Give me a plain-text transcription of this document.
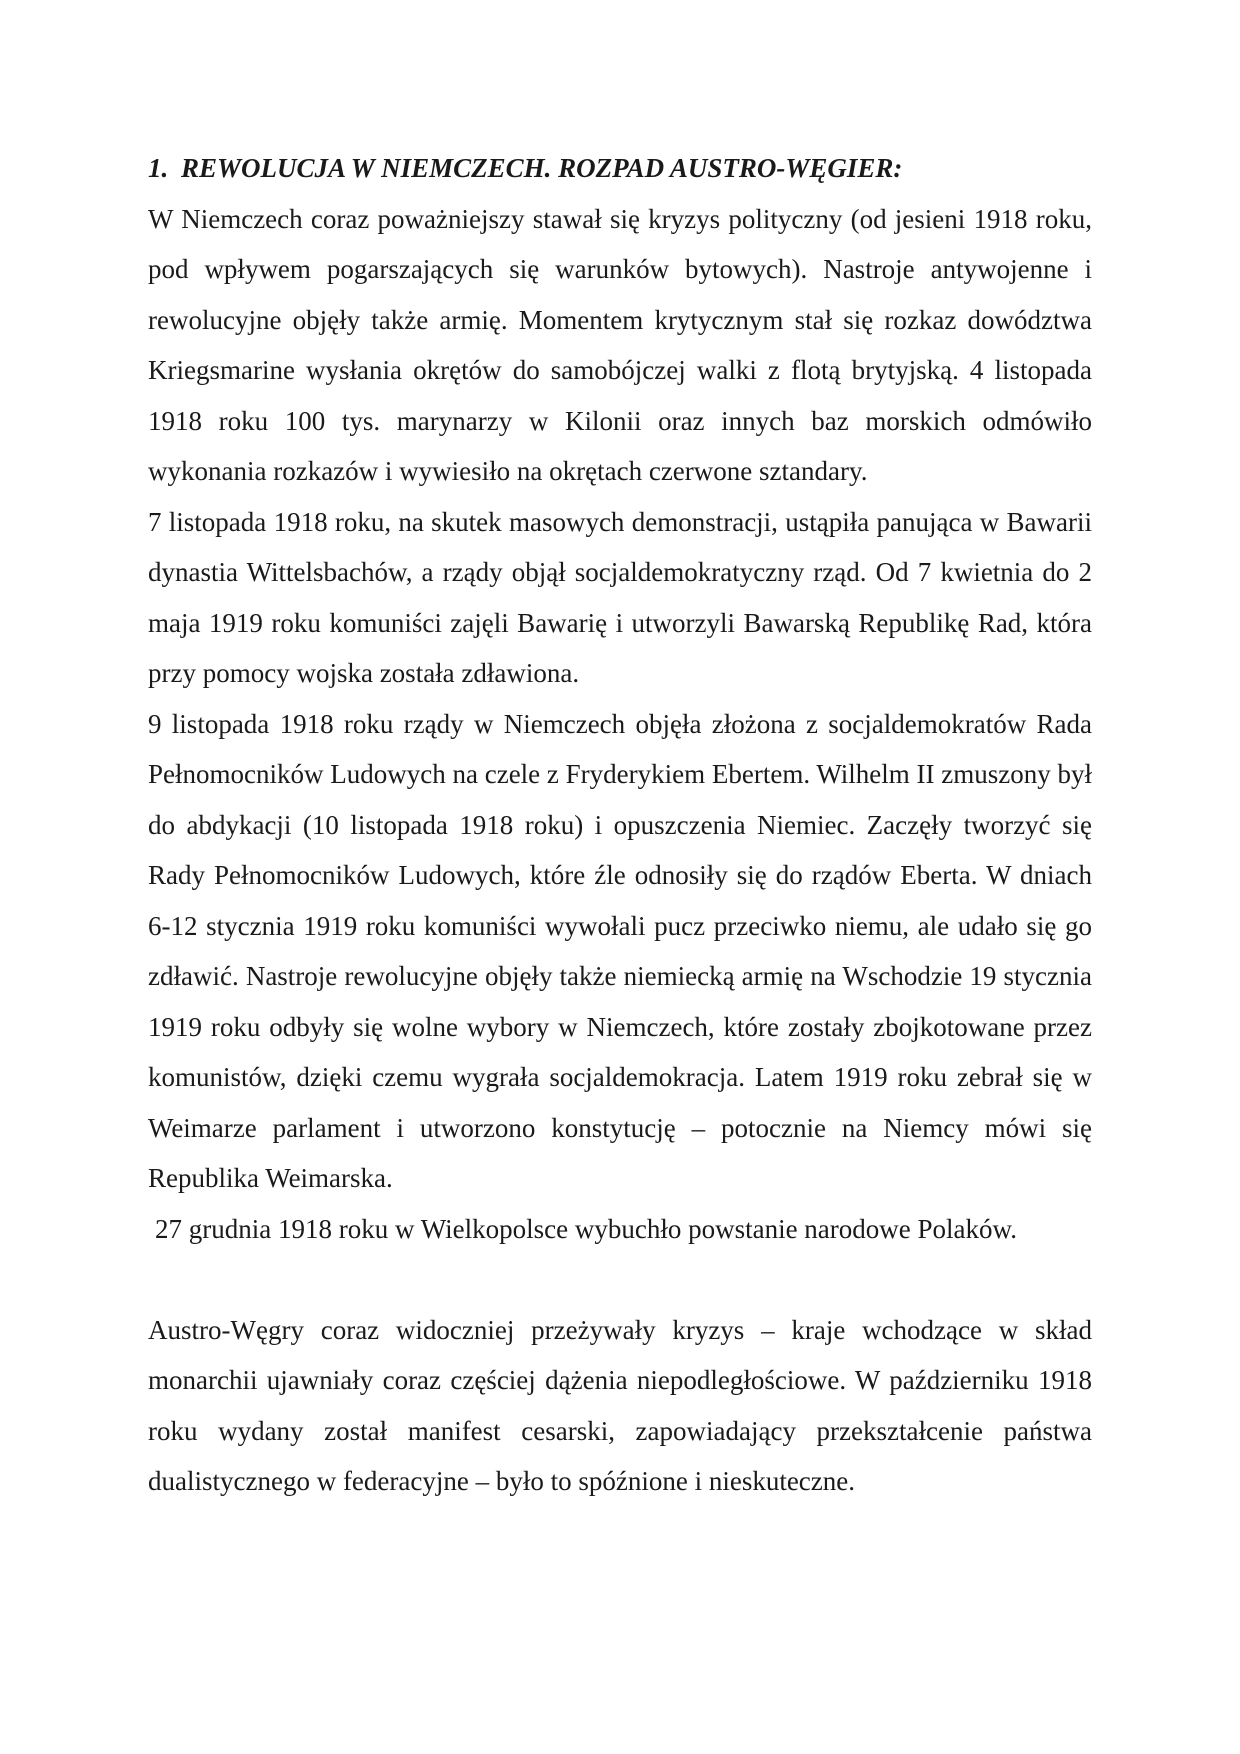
1. REWOLUCJA W NIEMCZECH. ROZPAD AUSTRO-WĘGIER:

W Niemczech coraz poważniejszy stawał się kryzys polityczny (od jesieni 1918 roku, pod wpływem pogarszających się warunków bytowych). Nastroje antywojenne i rewolucyjne objęły także armię. Momentem krytycznym stał się rozkaz dowództwa Kriegsmarine wysłania okrętów do samobójczej walki z flotą brytyjską. 4 listopada 1918 roku 100 tys. marynarzy w Kilonii oraz innych baz morskich odmówiło wykonania rozkazów i wywiesiło na okrętach czerwone sztandary.

7 listopada 1918 roku, na skutek masowych demonstracji, ustąpiła panująca w Bawarii dynastia Wittelsbachów, a rządy objął socjaldemokratyczny rząd. Od 7 kwietnia do 2 maja 1919 roku komuniści zajęli Bawarię i utworzyli Bawarską Republikę Rad, która przy pomocy wojska została zdławiona.

9 listopada 1918 roku rządy w Niemczech objęła złożona z socjaldemokratów Rada Pełnomocników Ludowych na czele z Fryderykiem Ebertem. Wilhelm II zmuszony był do abdykacji (10 listopada 1918 roku) i opuszczenia Niemiec. Zaczęły tworzyć się Rady Pełnomocników Ludowych, które źle odnosiły się do rządów Eberta. W dniach 6-12 stycznia 1919 roku komuniści wywołali pucz przeciwko niemu, ale udało się go zdławić. Nastroje rewolucyjne objęły także niemiecką armię na Wschodzie 19 stycznia 1919 roku odbyły się wolne wybory w Niemczech, które zostały zbojkotowane przez komunistów, dzięki czemu wygrała socjaldemokracja. Latem 1919 roku zebrał się w Weimarze parlament i utworzono konstytucję – potocznie na Niemcy mówi się Republika Weimarska.

27 grudnia 1918 roku w Wielkopolsce wybuchło powstanie narodowe Polaków.

Austro-Węgry coraz widoczniej przeżywały kryzys – kraje wchodzące w skład monarchii ujawniały coraz częściej dążenia niepodległościowe. W październiku 1918 roku wydany został manifest cesarski, zapowiadający przekształcenie państwa dualistycznego w federacyjne – było to spóźnione i nieskuteczne.
